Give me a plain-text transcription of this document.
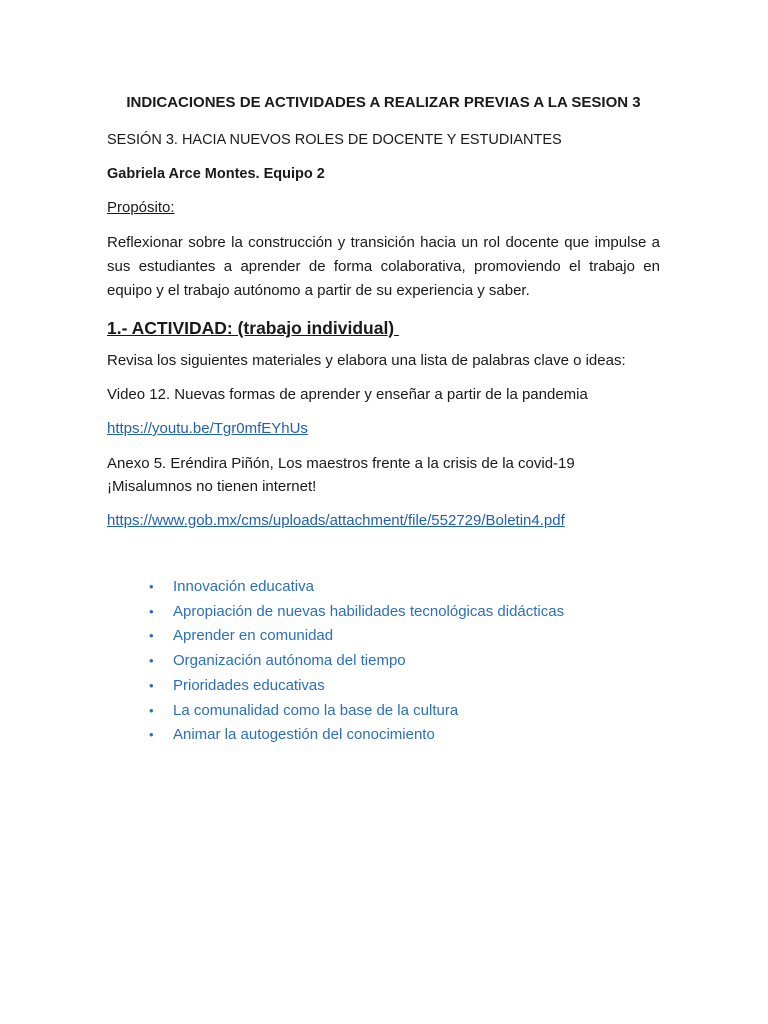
INDICACIONES DE ACTIVIDADES A REALIZAR PREVIAS A LA SESION 3
SESIÓN 3. HACIA NUEVOS ROLES DE DOCENTE Y ESTUDIANTES
Gabriela Arce Montes. Equipo 2
Propósito:
Reflexionar sobre la construcción y transición hacia un rol docente que impulse a sus estudiantes a aprender de forma colaborativa, promoviendo el trabajo en equipo y el trabajo autónomo a partir de su experiencia y saber.
1.- ACTIVIDAD: (trabajo individual)
Revisa los siguientes materiales y elabora una lista de palabras clave o ideas:
Video 12. Nuevas formas de aprender y enseñar a partir de la pandemia
https://youtu.be/Tgr0mfEYhUs
Anexo 5. Eréndira Piñón, Los maestros frente a la crisis de la covid-19
¡Misalumnos no tienen internet!
https://www.gob.mx/cms/uploads/attachment/file/552729/Boletin4.pdf
•	Innovación educativa
•	Apropiación de nuevas habilidades tecnológicas didácticas
•	Aprender en comunidad
•	Organización autónoma del tiempo
•	Prioridades educativas
•	La comunalidad como la base de la cultura
•	Animar la autogestión del conocimiento
